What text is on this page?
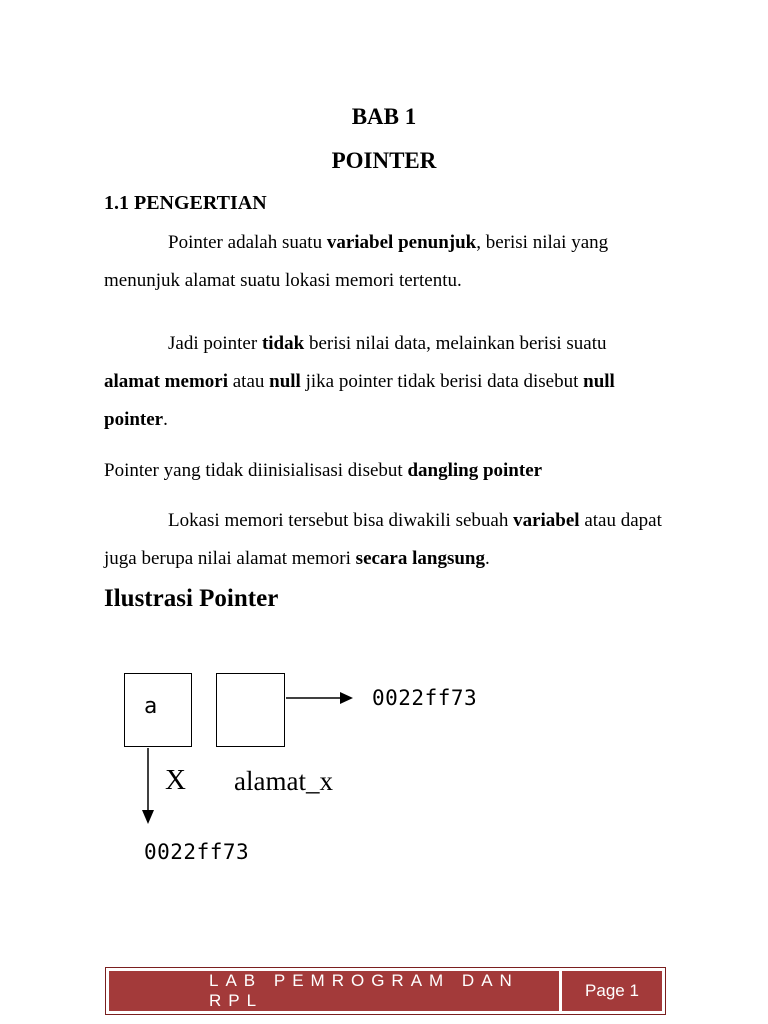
BAB 1
POINTER
1.1 PENGERTIAN

Pointer adalah suatu variabel penunjuk, berisi nilai yang menunjuk alamat suatu lokasi memori tertentu.

Jadi pointer tidak berisi nilai data, melainkan berisi suatu alamat memori atau null jika pointer tidak berisi data disebut null pointer.

Pointer yang tidak diinisialisasi disebut dangling pointer

Lokasi memori tersebut bisa diwakili sebuah variabel atau dapat juga berupa nilai alamat memori secara langsung.

Ilustrasi Pointer
a	0022ff73
X alamat_x
0022ff73
LAB PEMROGRAM DAN RPL
Page 1
